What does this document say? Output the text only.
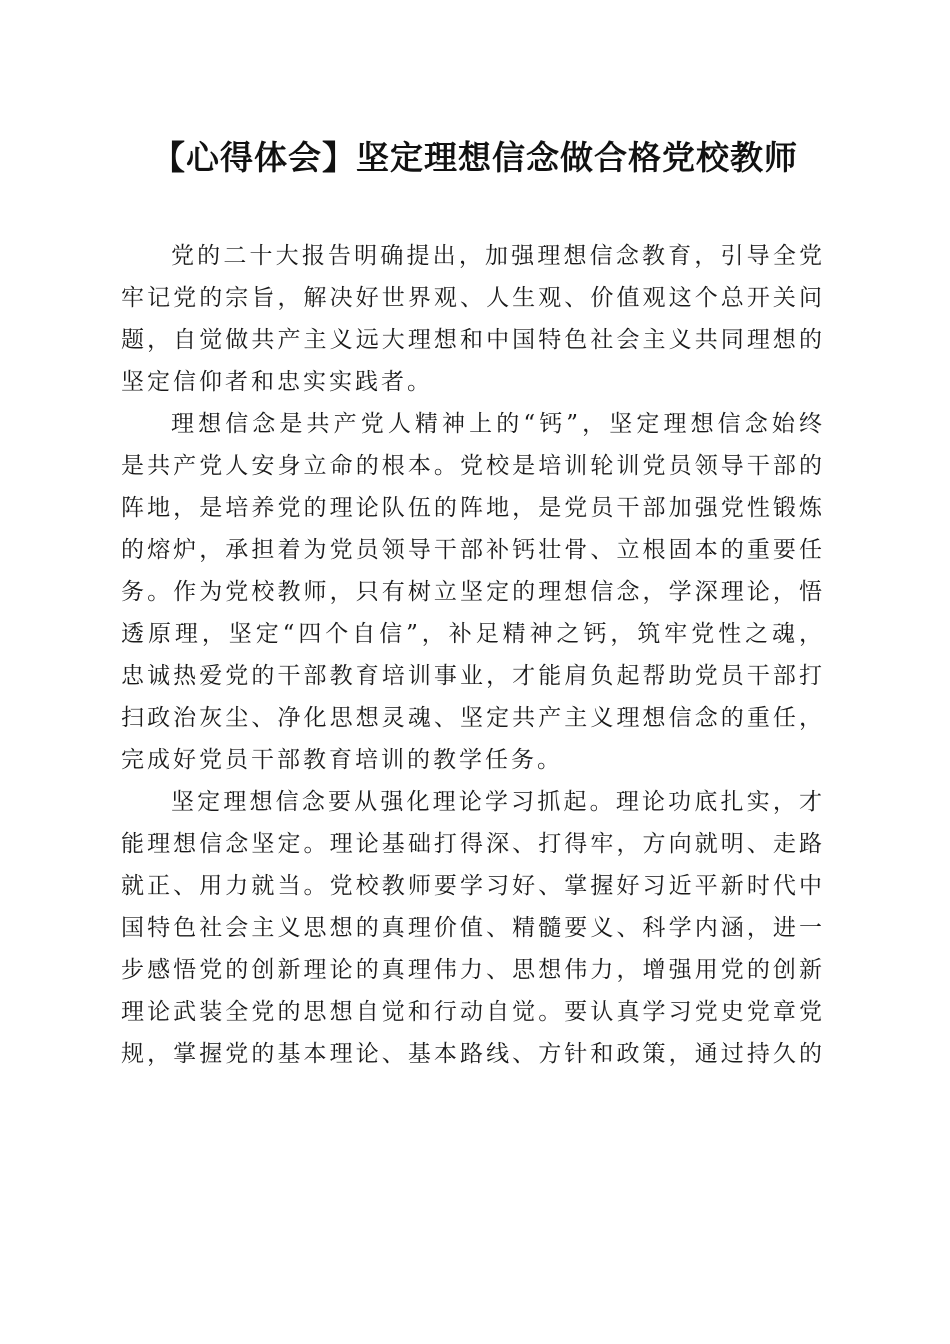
【心得体会】坚定理想信念做合格党校教师
党的二十大报告明确提出，加强理想信念教育，引导全党
牢记党的宗旨，解决好世界观、人生观、价值观这个总开关问
题，自觉做共产主义远大理想和中国特色社会主义共同理想的
坚定信仰者和忠实实践者。
理想信念是共产党人精神上的“钙”，坚定理想信念始终
是共产党人安身立命的根本。党校是培训轮训党员领导干部的
阵地，是培养党的理论队伍的阵地，是党员干部加强党性锻炼
的熔炉，承担着为党员领导干部补钙壮骨、立根固本的重要任
务。作为党校教师，只有树立坚定的理想信念，学深理论，悟
透原理，坚定“四个自信”，补足精神之钙，筑牢党性之魂，
忠诚热爱党的干部教育培训事业，才能肩负起帮助党员干部打
扫政治灰尘、净化思想灵魂、坚定共产主义理想信念的重任，
完成好党员干部教育培训的教学任务。
坚定理想信念要从强化理论学习抓起。理论功底扎实，才
能理想信念坚定。理论基础打得深、打得牢，方向就明、走路
就正、用力就当。党校教师要学习好、掌握好习近平新时代中
国特色社会主义思想的真理价值、精髓要义、科学内涵，进一
步感悟党的创新理论的真理伟力、思想伟力，增强用党的创新
理论武装全党的思想自觉和行动自觉。要认真学习党史党章党
规，掌握党的基本理论、基本路线、方针和政策，通过持久的
